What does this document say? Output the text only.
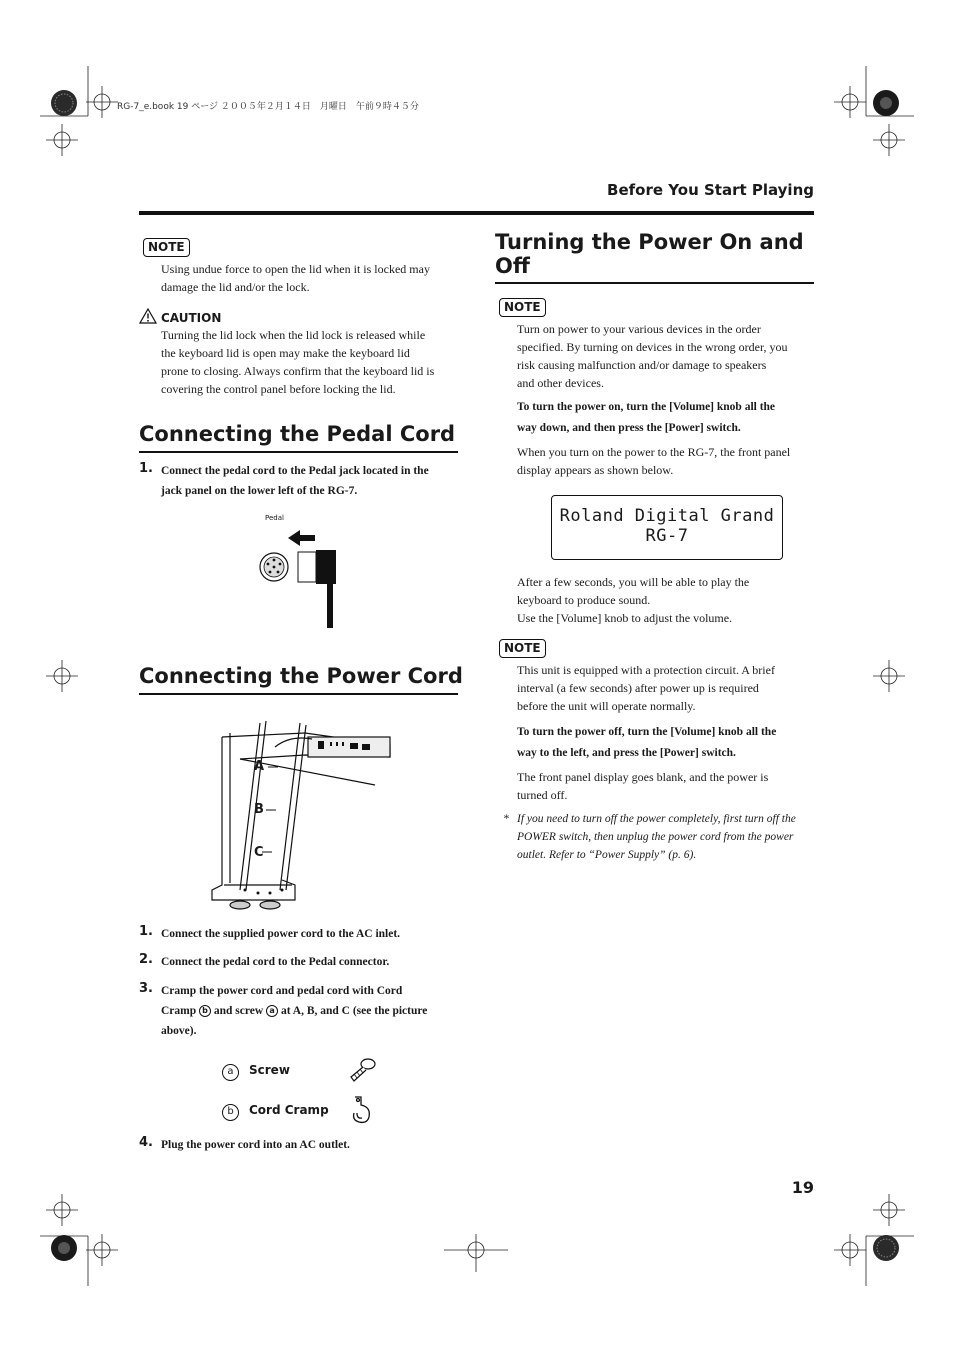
RG-7_e.book 19 ページ ２００５年２月１４日　月曜日　午前９時４５分
Before You Start Playing
NOTE
Using undue force to open the lid when it is locked may
damage the lid and/or the lock.
CAUTION
Turning the lid lock when the lid lock is released while
the keyboard lid is open may make the keyboard lid
prone to closing. Always confirm that the keyboard lid is
covering the control panel before locking the lid.
Connecting the Pedal Cord
1. Connect the pedal cord to the Pedal jack located in the
jack panel on the lower left of the RG-7.
Pedal
Connecting the Power Cord
A
B
C
1. Connect the supplied power cord to the AC inlet.
2. Connect the pedal cord to the Pedal connector.
3. Cramp the power cord and pedal cord with Cord
Cramp b and screw a at A, B, and C (see the picture
above).
a Screw
b Cord Cramp
4. Plug the power cord into an AC outlet.
Turning the Power On and
Off
NOTE
Turn on power to your various devices in the order
specified. By turning on devices in the wrong order, you
risk causing malfunction and/or damage to speakers
and other devices.
To turn the power on, turn the [Volume] knob all the
way down, and then press the [Power] switch.
When you turn on the power to the RG-7, the front panel
display appears as shown below.
Roland Digital Grand
RG-7
After a few seconds, you will be able to play the
keyboard to produce sound.
Use the [Volume] knob to adjust the volume.
NOTE
This unit is equipped with a protection circuit. A brief
interval (a few seconds) after power up is required
before the unit will operate normally.
To turn the power off, turn the [Volume] knob all the
way to the left, and press the [Power] switch.
The front panel display goes blank, and the power is
turned off.
* If you need to turn off the power completely, first turn off the
POWER switch, then unplug the power cord from the power
outlet. Refer to “Power Supply” (p. 6).
19
